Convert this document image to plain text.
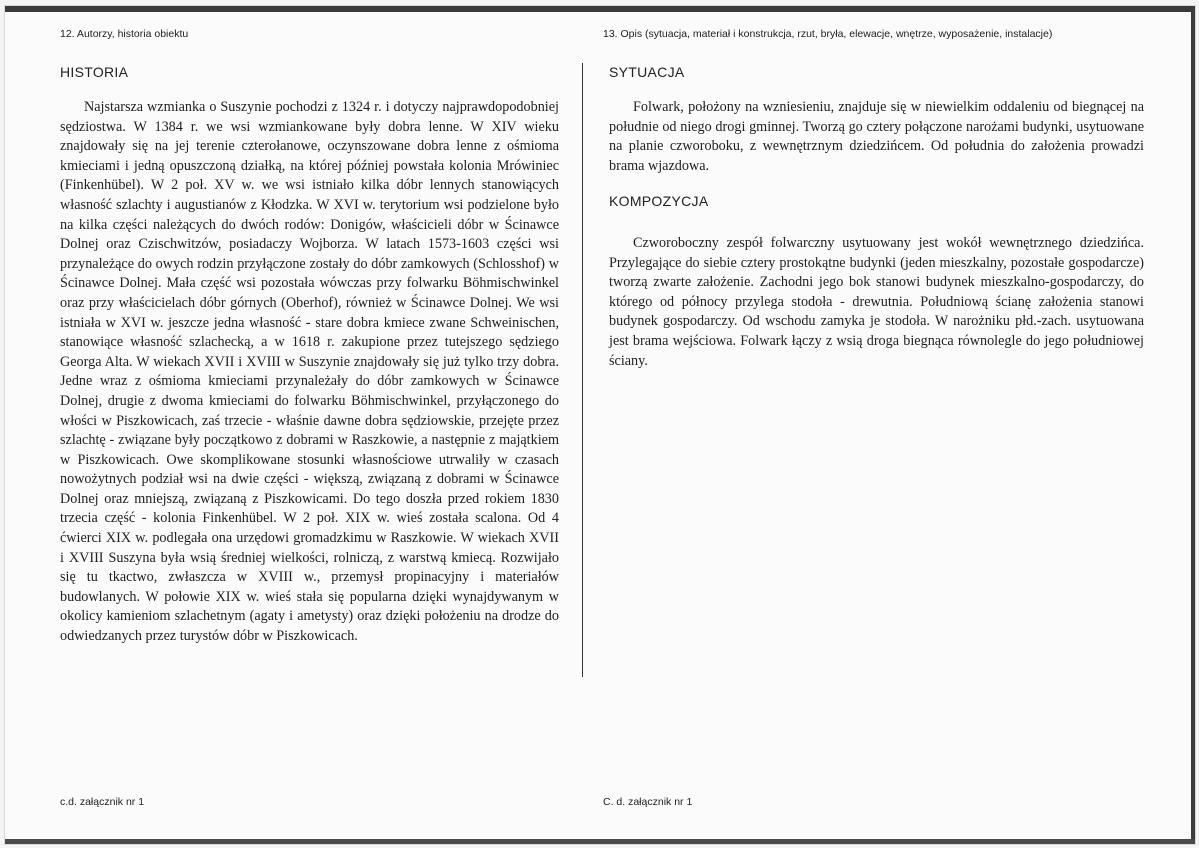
12. Autorzy, historia obiektu	13. Opis (sytuacja, materiał i konstrukcja, rzut, bryła, elewacje, wnętrze, wyposażenie, instalacje)
HISTORIA

Najstarsza wzmianka o Suszynie pochodzi z 1324 r. i dotyczy najprawdopodobniej sędziostwa. W 1384 r. we wsi wzmiankowane były dobra lenne. W XIV wieku znajdowały się na jej terenie czterołanowe, oczynszowane dobra lenne z ośmioma kmieciami i jedną opuszczoną działką, na której później powstała kolonia Mrówiniec (Finkenhübel). W 2 poł. XV w. we wsi istniało kilka dóbr lennych stanowiących własność szlachty i augustianów z Kłodzka. W XVI w. terytorium wsi podzielone było na kilka części należących do dwóch rodów: Donigów, właścicieli dóbr w Ścinawce Dolnej oraz Czischwitzów, posiadaczy Wojborza. W latach 1573-1603 części wsi przynależące do owych rodzin przyłączone zostały do dóbr zamkowych (Schlosshof) w Ścinawce Dolnej. Mała część wsi pozostała wówczas przy folwarku Böhmischwinkel oraz przy właścicielach dóbr górnych (Oberhof), również w Ścinawce Dolnej. We wsi istniała w XVI w. jeszcze jedna własność - stare dobra kmiece zwane Schweinischen, stanowiące własność szlachecką, a w 1618 r. zakupione przez tutejszego sędziego Georga Alta. W wiekach XVII i XVIII w Suszynie znajdowały się już tylko trzy dobra. Jedne wraz z ośmioma kmieciami przynależały do dóbr zamkowych w Ścinawce Dolnej, drugie z dwoma kmieciami do folwarku Böhmischwinkel, przyłączonego do włości w Piszkowicach, zaś trzecie - właśnie dawne dobra sędziowskie, przejęte przez szlachtę - związane były początkowo z dobrami w Raszkowie, a następnie z majątkiem w Piszkowicach. Owe skomplikowane stosunki własnościowe utrwaliły w czasach nowożytnych podział wsi na dwie części - większą, związaną z dobrami w Ścinawce Dolnej oraz mniejszą, związaną z Piszkowicami. Do tego doszła przed rokiem 1830 trzecia część - kolonia Finkenhübel. W 2 poł. XIX w. wieś została scalona. Od 4 ćwierci XIX w. podlegała ona urzędowi gromadzkimu w Raszkowie. W wiekach XVII i XVIII Suszyna była wsią średniej wielkości, rolniczą, z warstwą kmiecą. Rozwijało się tu tkactwo, zwłaszcza w XVIII w., przemysł propinacyjny i materiałów budowlanych. W połowie XIX w. wieś stała się popularna dzięki wynajdywanym w okolicy kamieniom szlachetnym (agaty i ametysty) oraz dzięki położeniu na drodze do odwiedzanych przez turystów dóbr w Piszkowicach.

SYTUACJA

Folwark, położony na wzniesieniu, znajduje się w niewielkim oddaleniu od biegnącej na południe od niego drogi gminnej. Tworzą go cztery połączone narożami budynki, usytuowane na planie czworoboku, z wewnętrznym dziedzińcem. Od południa do założenia prowadzi brama wjazdowa.

KOMPOZYCJA

Czworoboczny zespół folwarczny usytuowany jest wokół wewnętrznego dziedzińca. Przylegające do siebie cztery prostokątne budynki (jeden mieszkalny, pozostałe gospodarcze) tworzą zwarte założenie. Zachodni jego bok stanowi budynek mieszkalno-gospodarczy, do którego od północy przylega stodoła - drewutnia. Południową ścianę założenia stanowi budynek gospodarczy. Od wschodu zamyka je stodoła. W narożniku płd.-zach. usytuowana jest brama wejściowa. Folwark łączy z wsią droga biegnąca równolegle do jego południowej ściany.

c.d. załącznik nr 1	C. d. załącznik nr 1
